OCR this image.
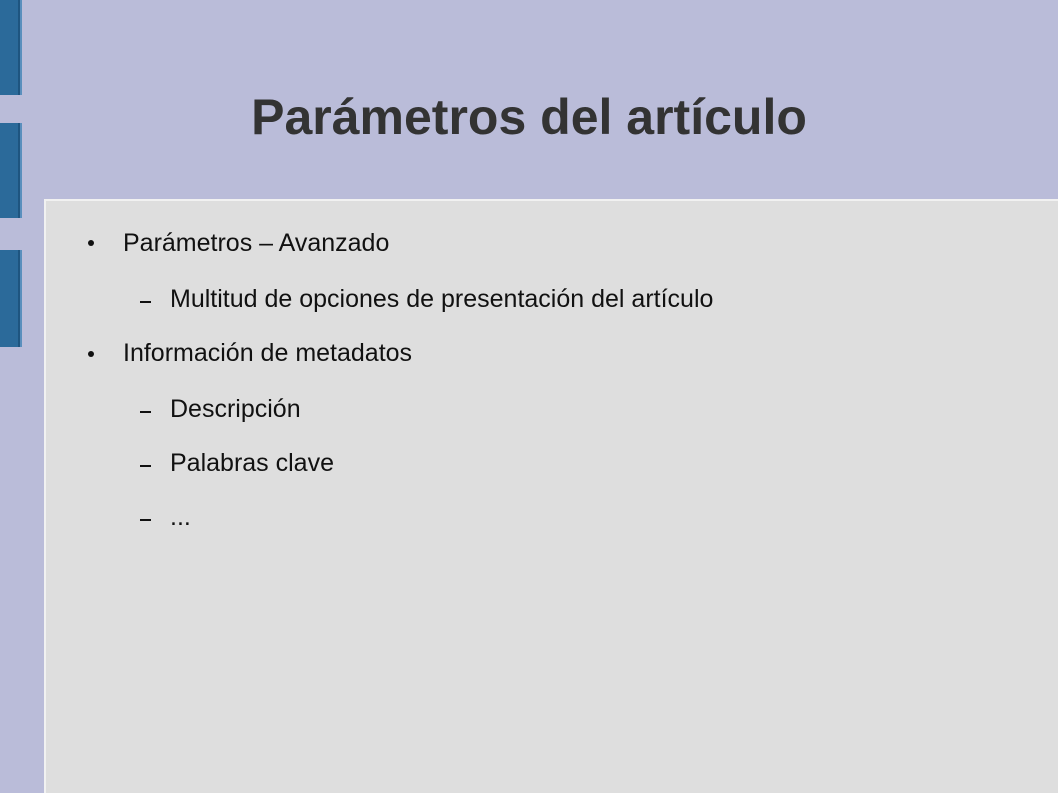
Parámetros del artículo
Parámetros – Avanzado
Multitud de opciones de presentación del artículo
Información de metadatos
Descripción
Palabras clave
...
